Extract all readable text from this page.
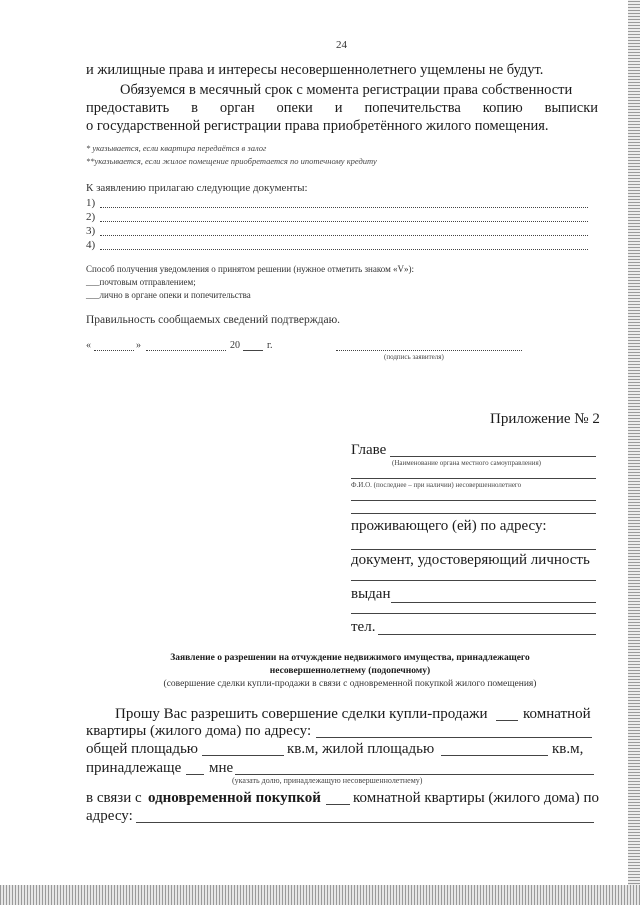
24
и жилищные права и интересы несовершеннолетнего ущемлены не будут.
Обязуемся в месячный срок с момента регистрации права собственности
предоставить в орган опеки и попечительства копию выписки
о государственной регистрации права приобретённого жилого помещения.
* указывается, если квартира передаётся в залог
**указывается, если жилое помещение приобретается по ипотечному кредиту
К заявлению прилагаю следующие документы:
1)
2)
3)
4)
Способ получения уведомления о принятом решении (нужное отметить знаком «V»):
___почтовым отправлением;
___лично в органе опеки и попечительства
Правильность сообщаемых сведений подтверждаю.
«	»	20	г.
(подпись заявителя)
Приложение № 2
Главе
(Наименование органа местного самоуправления)
Ф.И.О. (последнее – при наличии) несовершеннолетнего
проживающего (ей) по адресу:
документ, удостоверяющий личность
выдан
тел.
Заявление о разрешении на отчуждение недвижимого имущества, принадлежащего
несовершеннолетнему (подопечному)
(совершение сделки купли-продажи в связи с одновременной покупкой жилого помещения)
Прошу Вас разрешить совершение сделки купли-продажи комнатной
квартиры (жилого дома) по адресу:
общей площадью	кв.м, жилой площадью	кв.м,
принадлежаще мне
(указать долю, принадлежащую несовершеннолетнему)
в связи с одновременной покупкой комнатной квартиры (жилого дома) по
адресу:
